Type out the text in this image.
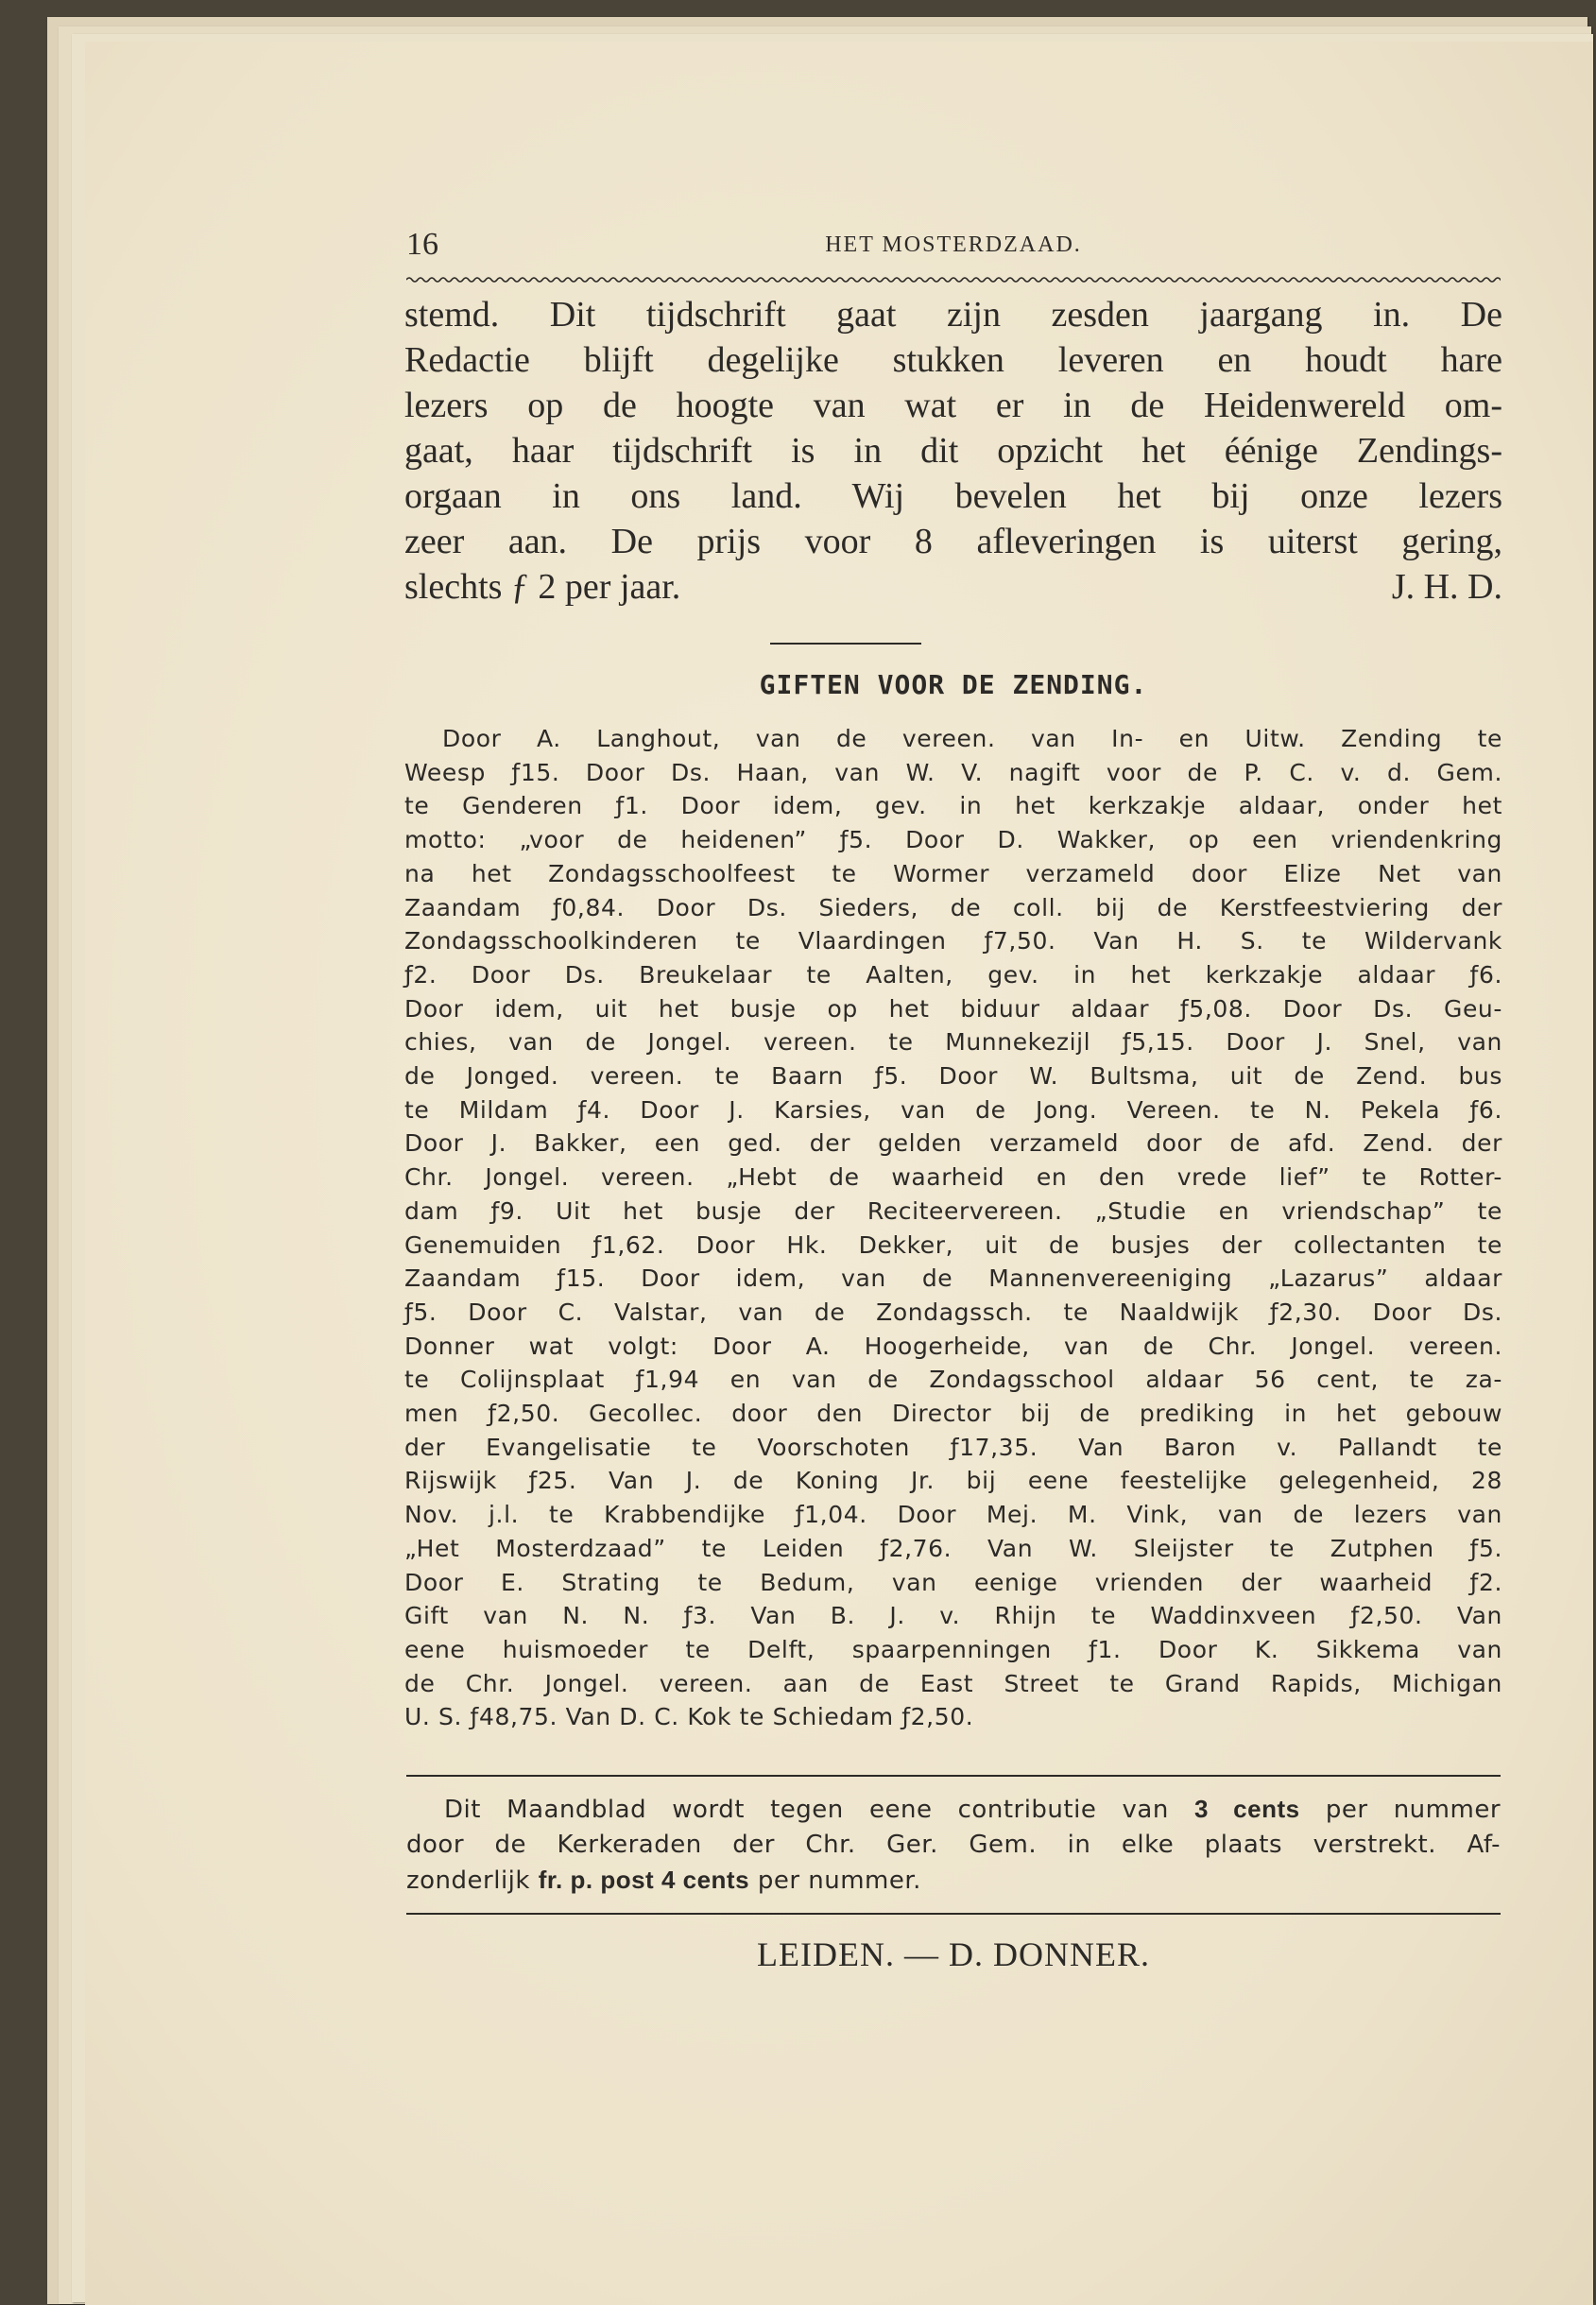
16	HET MOSTERDZAAD.
stemd. Dit tijdschrift gaat zijn zesden jaargang in. De
Redactie blijft degelijke stukken leveren en houdt hare
lezers op de hoogte van wat er in de Heidenwereld om-
gaat, haar tijdschrift is in dit opzicht het éénige Zendings-
orgaan in ons land. Wij bevelen het bij onze lezers
zeer aan. De prijs voor 8 afleveringen is uiterst gering,
slechts ƒ 2 per jaar.	J. H. D.
GIFTEN VOOR DE ZENDING.
Door A. Langhout, van de vereen. van In- en Uitw. Zending te
Weesp ƒ15. Door Ds. Haan, van W. V. nagift voor de P. C. v. d. Gem.
te Genderen ƒ1. Door idem, gev. in het kerkzakje aldaar, onder het
motto: „voor de heidenen” ƒ5. Door D. Wakker, op een vriendenkring
na het Zondagsschoolfeest te Wormer verzameld door Elize Net van
Zaandam ƒ0,84. Door Ds. Sieders, de coll. bij de Kerstfeestviering der
Zondagsschoolkinderen te Vlaardingen ƒ7,50. Van H. S. te Wildervank
ƒ2. Door Ds. Breukelaar te Aalten, gev. in het kerkzakje aldaar ƒ6.
Door idem, uit het busje op het biduur aldaar ƒ5,08. Door Ds. Geu-
chies, van de Jongel. vereen. te Munnekezijl ƒ5,15. Door J. Snel, van
de Jonged. vereen. te Baarn ƒ5. Door W. Bultsma, uit de Zend. bus
te Mildam ƒ4. Door J. Karsies, van de Jong. Vereen. te N. Pekela ƒ6.
Door J. Bakker, een ged. der gelden verzameld door de afd. Zend. der
Chr. Jongel. vereen. „Hebt de waarheid en den vrede lief” te Rotter-
dam ƒ9. Uit het busje der Reciteervereen. „Studie en vriendschap” te
Genemuiden ƒ1,62. Door Hk. Dekker, uit de busjes der collectanten te
Zaandam ƒ15. Door idem, van de Mannenvereeniging „Lazarus” aldaar
ƒ5. Door C. Valstar, van de Zondagssch. te Naaldwijk ƒ2,30. Door Ds.
Donner wat volgt: Door A. Hoogerheide, van de Chr. Jongel. vereen.
te Colijnsplaat ƒ1,94 en van de Zondagsschool aldaar 56 cent, te za-
men ƒ2,50. Gecollec. door den Director bij de prediking in het gebouw
der Evangelisatie te Voorschoten ƒ17,35. Van Baron v. Pallandt te
Rijswijk ƒ25. Van J. de Koning Jr. bij eene feestelijke gelegenheid, 28
Nov. j.l. te Krabbendijke ƒ1,04. Door Mej. M. Vink, van de lezers van
„Het Mosterdzaad” te Leiden ƒ2,76. Van W. Sleijster te Zutphen ƒ5.
Door E. Strating te Bedum, van eenige vrienden der waarheid ƒ2.
Gift van N. N. ƒ3. Van B. J. v. Rhijn te Waddinxveen ƒ2,50. Van
eene huismoeder te Delft, spaarpenningen ƒ1. Door K. Sikkema van
de Chr. Jongel. vereen. aan de East Street te Grand Rapids, Michigan
U. S. ƒ48,75. Van D. C. Kok te Schiedam ƒ2,50.
Dit Maandblad wordt tegen eene contributie van 3 cents per nummer
door de Kerkeraden der Chr. Ger. Gem. in elke plaats verstrekt. Af-
zonderlijk fr. p. post 4 cents per nummer.
LEIDEN. — D. DONNER.
